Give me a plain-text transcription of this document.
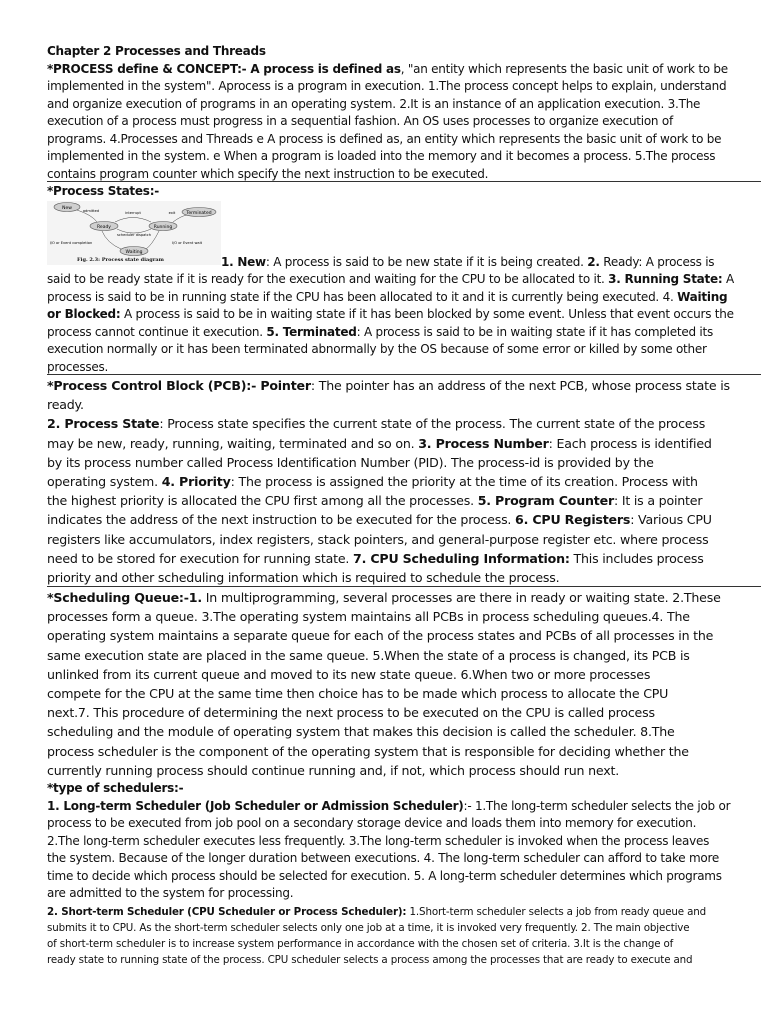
Chapter 2 Processes and Threads
*PROCESS define & CONCEPT:- A process is defined as, "an entity which represents the basic unit of work to be
implemented in the system". Aprocess is a program in execution. 1.The process concept helps to explain, understand
and organize execution of programs in an operating system. 2.It is an instance of an application execution. 3.The
execution of a process must progress in a sequential fashion. An OS uses processes to organize execution of
programs. 4.Processes and Threads e A process is defined as, an entity which represents the basic unit of work to be
implemented in the system. e When a program is loaded into the memory and it becomes a process. 5.The process
contains program counter which specify the next instruction to be executed.
*Process States:-
New
Terminated
Ready	Running
Waiting
admitted	interrupt	exit
scheduler dispatch
I/O or Event completion	I/O or Event wait
Fig. 2.3: Process state diagram	1. New: A process is said to be new state if it is being created. 2. Ready: A process is
said to be ready state if it is ready for the execution and waiting for the CPU to be allocated to it. 3. Running State: A
process is said to be in running state if the CPU has been allocated to it and it is currently being executed. 4. Waiting
or Blocked: A process is said to be in waiting state if it has been blocked by some event. Unless that event occurs the
process cannot continue it execution. 5. Terminated: A process is said to be in waiting state if it has completed its
execution normally or it has been terminated abnormally by the OS because of some error or killed by some other
processes.
*Process Control Block (PCB):- Pointer: The pointer has an address of the next PCB, whose process state is
ready.
2. Process State: Process state specifies the current state of the process. The current state of the process
may be new, ready, running, waiting, terminated and so on. 3. Process Number: Each process is identified
by its process number called Process Identification Number (PID). The process-id is provided by the
operating system. 4. Priority: The process is assigned the priority at the time of its creation. Process with
the highest priority is allocated the CPU first among all the processes. 5. Program Counter: It is a pointer
indicates the address of the next instruction to be executed for the process. 6. CPU Registers: Various CPU
registers like accumulators, index registers, stack pointers, and general-purpose register etc. where process
need to be stored for execution for running state. 7. CPU Scheduling Information: This includes process
priority and other scheduling information which is required to schedule the process.
*Scheduling Queue:-1. In multiprogramming, several processes are there in ready or waiting state. 2.These
processes form a queue. 3.The operating system maintains all PCBs in process scheduling queues.4. The
operating system maintains a separate queue for each of the process states and PCBs of all processes in the
same execution state are placed in the same queue. 5.When the state of a process is changed, its PCB is
unlinked from its current queue and moved to its new state queue. 6.When two or more processes
compete for the CPU at the same time then choice has to be made which process to allocate the CPU
next.7. This procedure of determining the next process to be executed on the CPU is called process
scheduling and the module of operating system that makes this decision is called the scheduler. 8.The
process scheduler is the component of the operating system that is responsible for deciding whether the
currently running process should continue running and, if not, which process should run next.
*type of schedulers:-
1. Long-term Scheduler (Job Scheduler or Admission Scheduler):- 1.The long-term scheduler selects the job or
process to be executed from job pool on a secondary storage device and loads them into memory for execution.
2.The long-term scheduler executes less frequently. 3.The long-term scheduler is invoked when the process leaves
the system. Because of the longer duration between executions. 4. The long-term scheduler can afford to take more
time to decide which process should be selected for execution. 5. A long-term scheduler determines which programs
are admitted to the system for processing.
2. Short-term Scheduler (CPU Scheduler or Process Scheduler): 1.Short-term scheduler selects a job from ready queue and
submits it to CPU. As the short-term scheduler selects only one job at a time, it is invoked very frequently. 2. The main objective
of short-term scheduler is to increase system performance in accordance with the chosen set of criteria. 3.It is the change of
ready state to running state of the process. CPU scheduler selects a process among the processes that are ready to execute and
